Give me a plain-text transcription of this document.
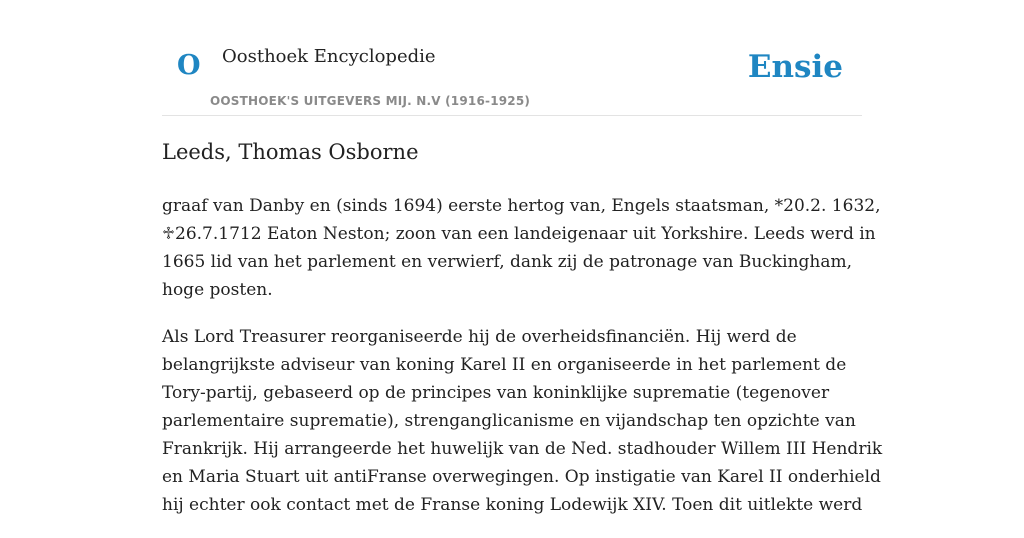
O Oosthoek Encyclopedie
OOSTHOEK'S UITGEVERS MIJ. N.V (1916-1925)
Ensie
Leeds, Thomas Osborne

graaf van Danby en (sinds 1694) eerste hertog van, Engels staatsman, *20.2. 1632,
♱26.7.1712 Eaton Neston; zoon van een landeigenaar uit Yorkshire. Leeds werd in
1665 lid van het parlement en verwierf, dank zij de patronage van Buckingham,
hoge posten.

Als Lord Treasurer reorganiseerde hij de overheidsfinanciën. Hij werd de
belangrijkste adviseur van koning Karel II en organiseerde in het parlement de
Tory-partij, gebaseerd op de principes van koninklijke suprematie (tegenover
parlementaire suprematie), strenganglicanisme en vijandschap ten opzichte van
Frankrijk. Hij arrangeerde het huwelijk van de Ned. stadhouder Willem III Hendrik
en Maria Stuart uit antiFranse overwegingen. Op instigatie van Karel II onderhield
hij echter ook contact met de Franse koning Lodewijk XIV. Toen dit uitlekte werd
